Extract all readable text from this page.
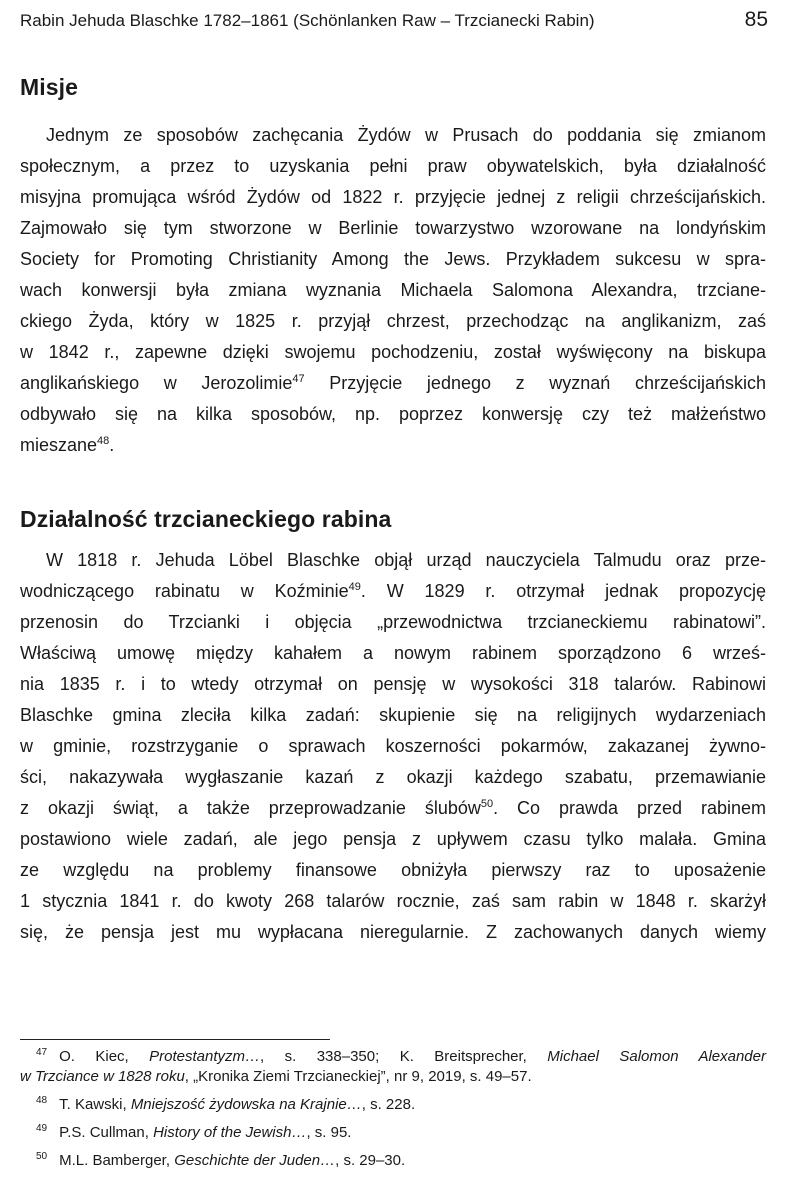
Rabin Jehuda Blaschke 1782–1861 (Schönlanken Raw – Trzcianecki Rabin)	85
Misje

Jednym ze sposobów zachęcania Żydów w Prusach do poddania się zmianom
społecznym, a przez to uzyskania pełni praw obywatelskich, była działalność
misyjna promująca wśród Żydów od 1822 r. przyjęcie jednej z religii chrześcijańskich.
Zajmowało się tym stworzone w Berlinie towarzystwo wzorowane na londyńskim
Society for Promoting Christianity Among the Jews. Przykładem sukcesu w spra-
wach konwersji była zmiana wyznania Michaela Salomona Alexandra, trzciane-
ckiego Żyda, który w 1825 r. przyjął chrzest, przechodząc na anglikanizm, zaś
w 1842 r., zapewne dzięki swojemu pochodzeniu, został wyświęcony na biskupa
anglikańskiego w Jerozolimie$^{47}$ Przyjęcie jednego z wyznań chrześcijańskich
odbywało się na kilka sposobów, np. poprzez konwersję czy też małżeństwo
mieszane$^{48}$.

Działalność trzcianeckiego rabina

W 1818 r. Jehuda Löbel Blaschke objął urząd nauczyciela Talmudu oraz prze-
wodniczącego rabinatu w Koźminie$^{49}$. W 1829 r. otrzymał jednak propozycję
przenosin do Trzcianki i objęcia „przewodnictwa trzcianeckiemu rabinatowi”.
Właściwą umowę między kahałem a nowym rabinem sporządzono 6 wrześ-
nia 1835 r. i to wtedy otrzymał on pensję w wysokości 318 talarów. Rabinowi
Blaschke gmina zleciła kilka zadań: skupienie się na religijnych wydarzeniach
w gminie, rozstrzyganie o sprawach koszerności pokarmów, zakazanej żywno-
ści, nakazywała wygłaszanie kazań z okazji każdego szabatu, przemawianie
z okazji świąt, a także przeprowadzanie ślubów$^{50}$. Co prawda przed rabinem
postawiono wiele zadań, ale jego pensja z upływem czasu tylko malała. Gmina
ze względu na problemy finansowe obniżyła pierwszy raz to uposażenie
1 stycznia 1841 r. do kwoty 268 talarów rocznie, zaś sam rabin w 1848 r. skarżył
się, że pensja jest mu wypłacana nieregularnie. Z zachowanych danych wiemy

$^{47}$ O. Kiec, Protestantyzm…, s. 338–350; K. Breitsprecher, Michael Salomon Alexander
w Trzciance w 1828 roku, „Kronika Ziemi Trzcianeckiej”, nr 9, 2019, s. 49–57.
$^{48}$ T. Kawski, Mniejszość żydowska na Krajnie…, s. 228.
$^{49}$ P.S. Cullman, History of the Jewish…, s. 95.
$^{50}$ M.L. Bamberger, Geschichte der Juden…, s. 29–30.
